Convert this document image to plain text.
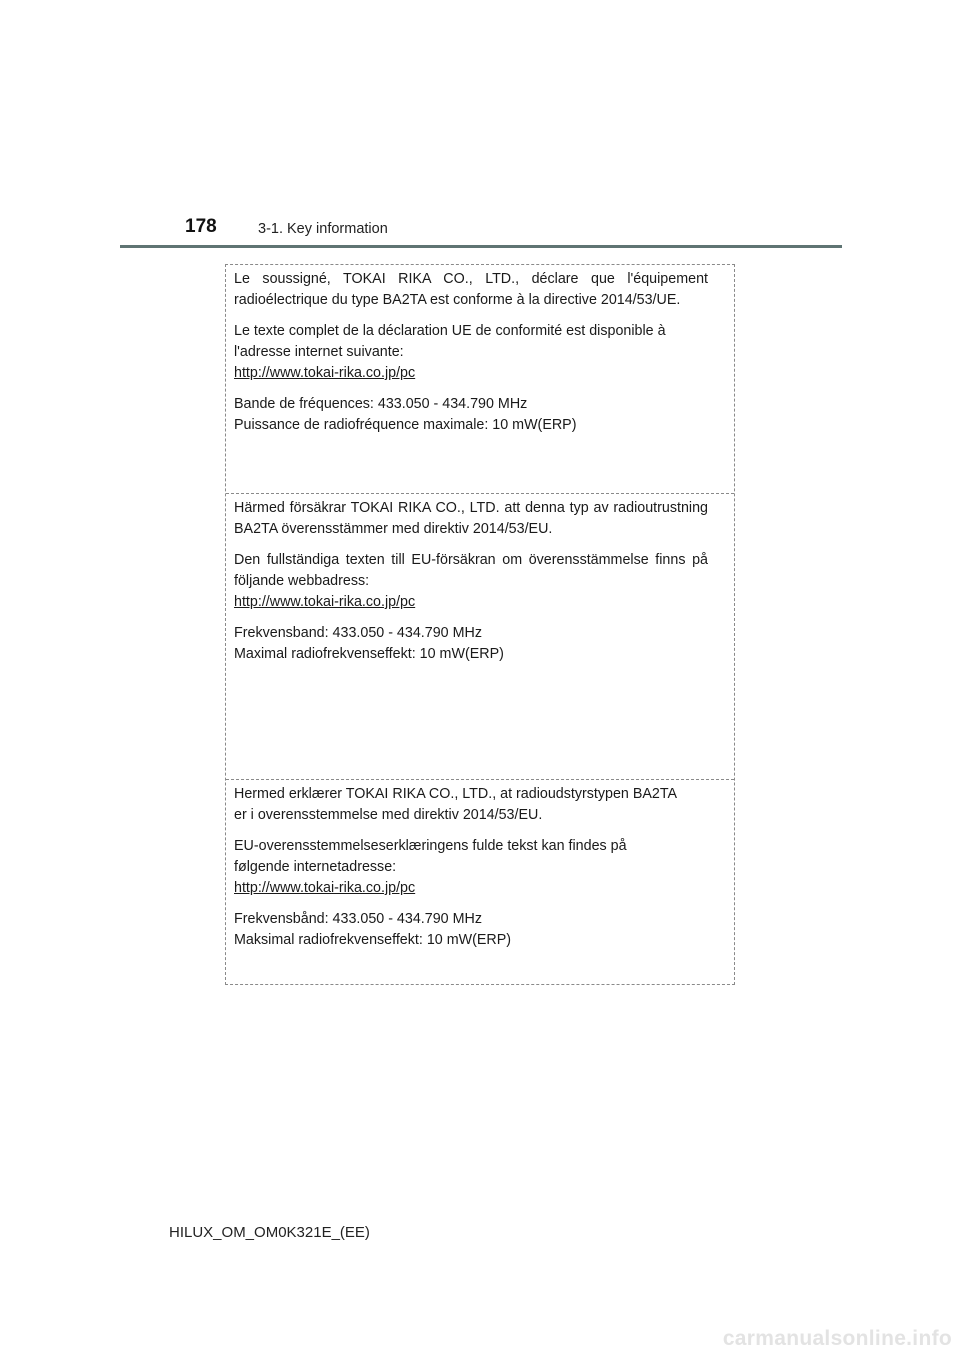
178	3-1. Key information

Le soussigné, TOKAI RIKA CO., LTD., déclare que l'équipement radioélectrique du type BA2TA est conforme à la directive 2014/53/UE.

Le texte complet de la déclaration UE de conformité est disponible à
l'adresse internet suivante:
http://www.tokai-rika.co.jp/pc

Bande de fréquences: 433.050 - 434.790 MHz
Puissance de radiofréquence maximale: 10 mW(ERP)

Härmed försäkrar TOKAI RIKA CO., LTD. att denna typ av radioutrustning BA2TA överensstämmer med direktiv 2014/53/EU.

Den fullständiga texten till EU-försäkran om överensstämmelse finns på följande webbadress:
http://www.tokai-rika.co.jp/pc

Frekvensband: 433.050 - 434.790 MHz
Maximal radiofrekvenseffekt: 10 mW(ERP)

Hermed erklærer TOKAI RIKA CO., LTD., at radioudstyrstypen BA2TA
er i overensstemmelse med direktiv 2014/53/EU.

EU-overensstemmelseserklæringens fulde tekst kan findes på
følgende internetadresse:
http://www.tokai-rika.co.jp/pc

Frekvensbånd: 433.050 - 434.790 MHz
Maksimal radiofrekvenseffekt: 10 mW(ERP)

HILUX_OM_OM0K321E_(EE)
carmanualsonline.info
